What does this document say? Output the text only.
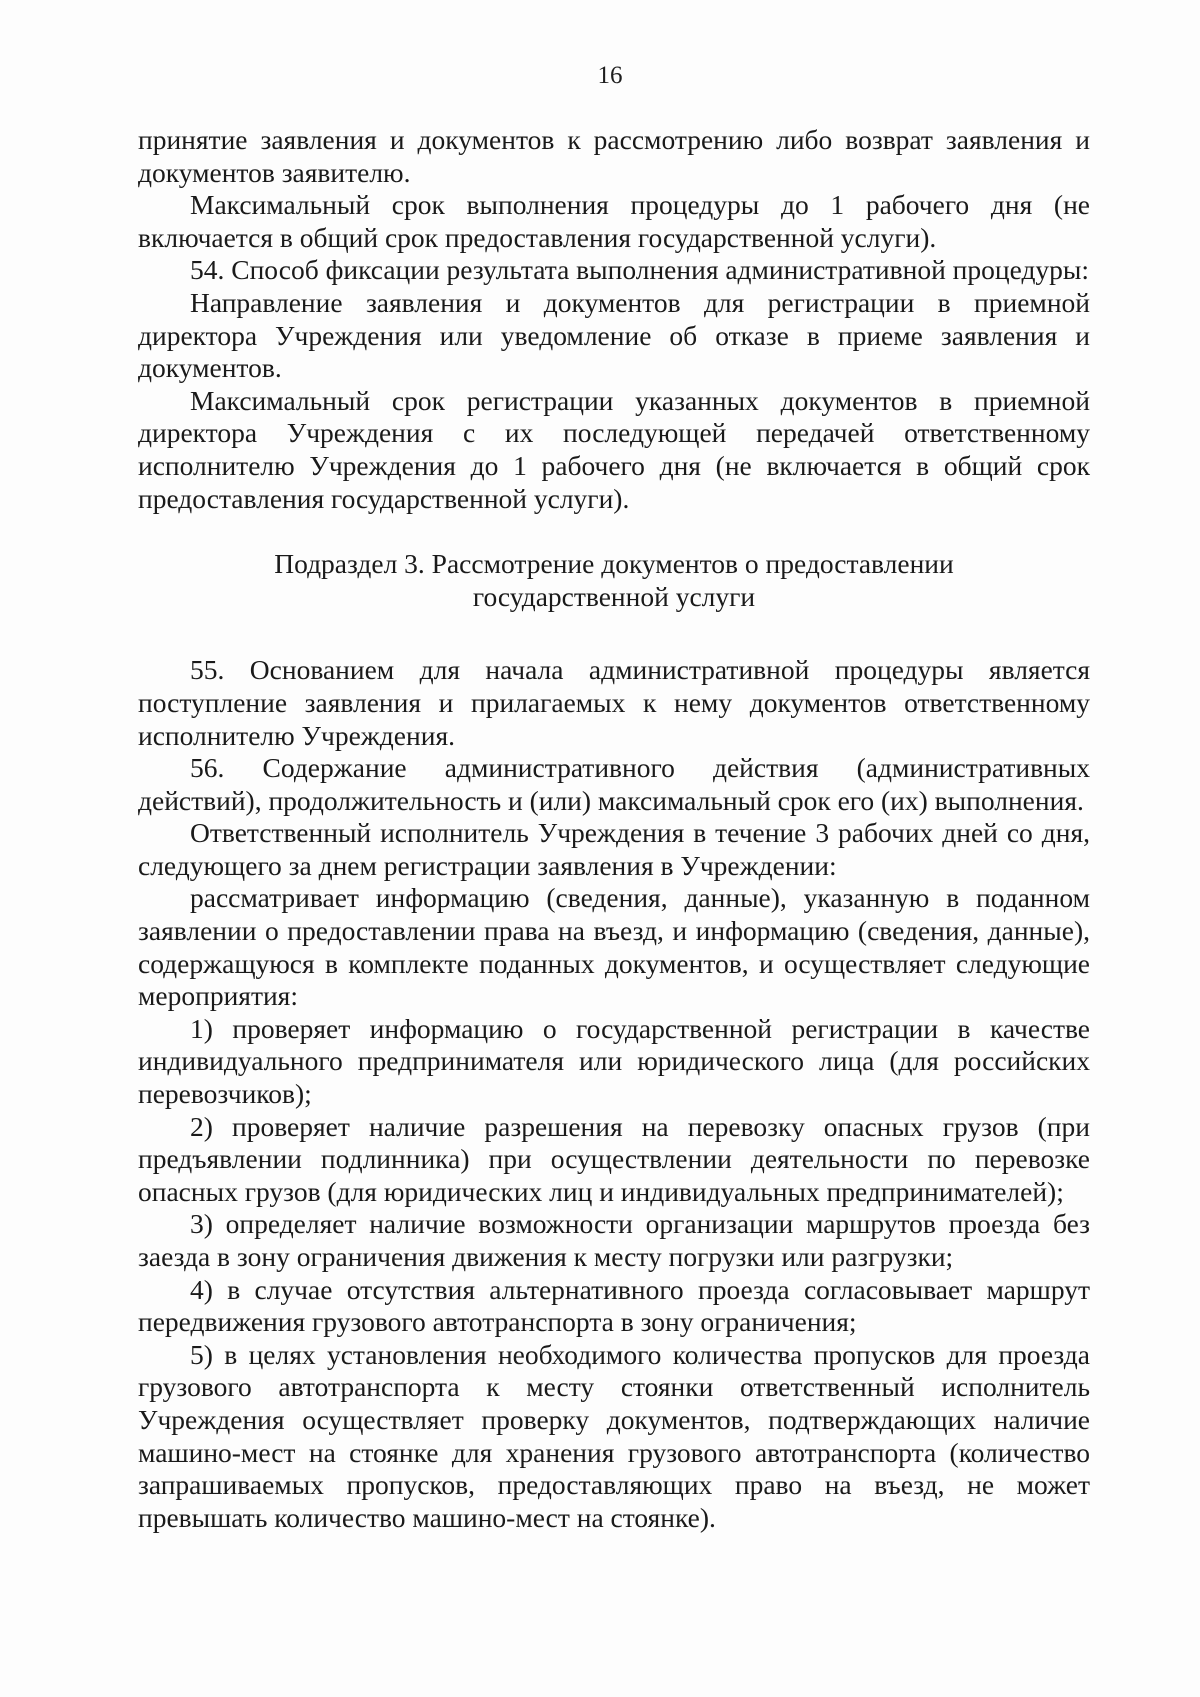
16

принятие заявления и документов к рассмотрению либо возврат заявления и документов заявителю.

Максимальный срок выполнения процедуры до 1 рабочего дня (не включается в общий срок предоставления государственной услуги).

54. Способ фиксации результата выполнения административной процедуры:

Направление заявления и документов для регистрации в приемной директора Учреждения или уведомление об отказе в приеме заявления и документов.

Максимальный срок регистрации указанных документов в приемной директора Учреждения с их последующей передачей ответственному исполнителю Учреждения до 1 рабочего дня (не включается в общий срок предоставления государственной услуги).

Подраздел 3. Рассмотрение документов о предоставлении
государственной услуги

55. Основанием для начала административной процедуры является поступление заявления и прилагаемых к нему документов ответственному исполнителю Учреждения.

56. Содержание административного действия (административных действий), продолжительность и (или) максимальный срок его (их) выполнения.

Ответственный исполнитель Учреждения в течение 3 рабочих дней со дня, следующего за днем регистрации заявления в Учреждении:

рассматривает информацию (сведения, данные), указанную в поданном заявлении о предоставлении права на въезд, и информацию (сведения, данные), содержащуюся в комплекте поданных документов, и осуществляет следующие мероприятия:

1) проверяет информацию о государственной регистрации в качестве индивидуального предпринимателя или юридического лица (для российских перевозчиков);

2) проверяет наличие разрешения на перевозку опасных грузов (при предъявлении подлинника) при осуществлении деятельности по перевозке опасных грузов (для юридических лиц и индивидуальных предпринимателей);

3) определяет наличие возможности организации маршрутов проезда без заезда в зону ограничения движения к месту погрузки или разгрузки;

4) в случае отсутствия альтернативного проезда согласовывает маршрут передвижения грузового автотранспорта в зону ограничения;

5) в целях установления необходимого количества пропусков для проезда грузового автотранспорта к месту стоянки ответственный исполнитель Учреждения осуществляет проверку документов, подтверждающих наличие машино-мест на стоянке для хранения грузового автотранспорта (количество запрашиваемых пропусков, предоставляющих право на въезд, не может превышать количество машино-мест на стоянке).
